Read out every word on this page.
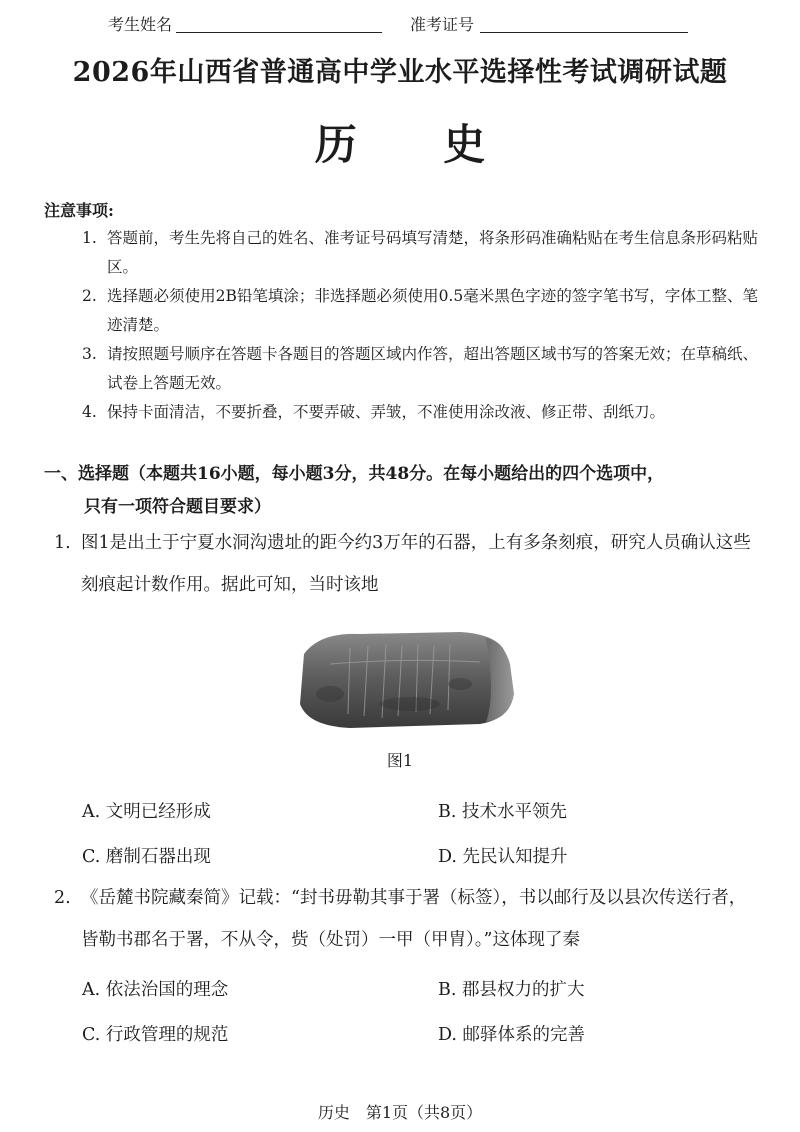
考生姓名	准考证号
2026年山西省普通高中学业水平选择性考试调研试题
历 史
注意事项:
1. 答题前，考生先将自己的姓名、准考证号码填写清楚，将条形码准确粘贴在考生信息条形码粘贴区。
2. 选择题必须使用2B铅笔填涂；非选择题必须使用0.5毫米黑色字迹的签字笔书写，字体工整、笔迹清楚。
3. 请按照题号顺序在答题卡各题目的答题区域内作答，超出答题区域书写的答案无效；在草稿纸、试卷上答题无效。
4. 保持卡面清洁，不要折叠，不要弄破、弄皱，不准使用涂改液、修正带、刮纸刀。
一、选择题（本题共16小题，每小题3分，共48分。在每小题给出的四个选项中，
只有一项符合题目要求）
1. 图1是出土于宁夏水洞沟遗址的距今约3万年的石器，上有多条刻痕，研究人员确认这些刻痕起计数作用。据此可知，当时该地
图1
A. 文明已经形成	B. 技术水平领先
C. 磨制石器出现	D. 先民认知提升
2. 《岳麓书院藏秦简》记载：“封书毋勒其事于署（标签），书以邮行及以县次传送行者，皆勒书郡名于署，不从令，赀（处罚）一甲（甲胄）。”这体现了秦
A. 依法治国的理念	B. 郡县权力的扩大
C. 行政管理的规范	D. 邮驿体系的完善
历史　第1页（共8页）
